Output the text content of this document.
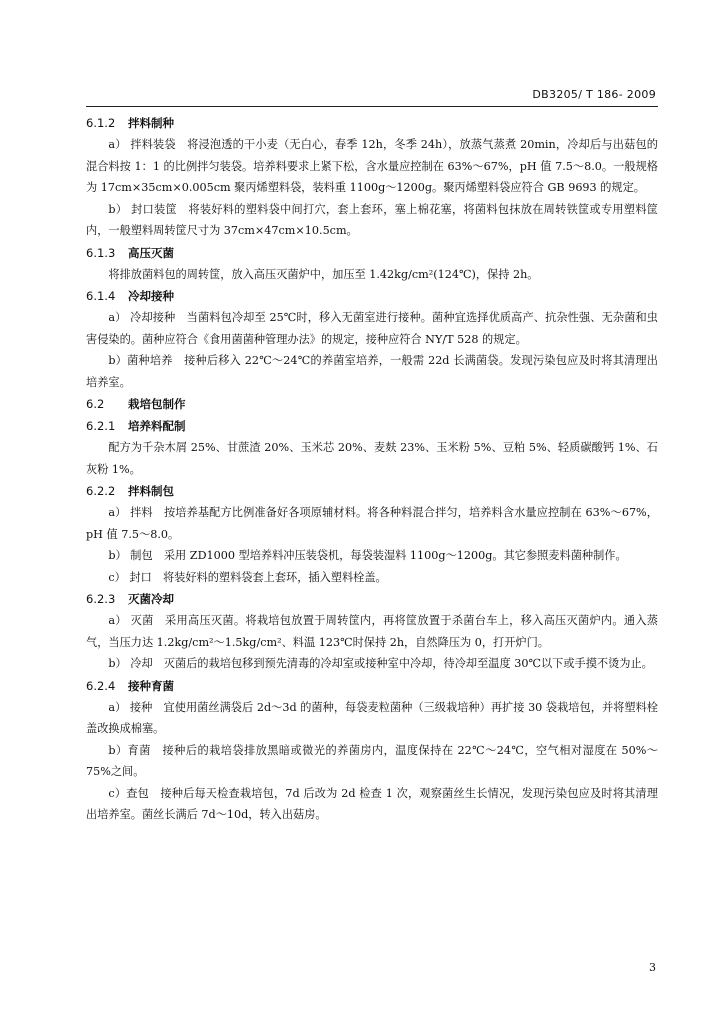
DB3205/ T 186- 2009
6.1.2 拌料制种

a） 拌料装袋　将浸泡透的干小麦（无白心，春季 12h，冬季 24h），放蒸气蒸煮 20min，冷却后与出菇包的混合料按 1：1 的比例拌匀装袋。培养料要求上紧下松，含水量应控制在 63%～67%，pH 值 7.5～8.0。一般规格为 17cm×35cm×0.005cm 聚丙烯塑料袋，装料重 1100g～1200g。聚丙烯塑料袋应符合 GB 9693 的规定。

b） 封口装筐　将装好料的塑料袋中间打穴，套上套环，塞上棉花塞，将菌料包抹放在周转铁筐或专用塑料筐内，一般塑料周转筐尺寸为 37cm×47cm×10.5cm。

6.1.3 高压灭菌

将排放菌料包的周转筐，放入高压灭菌炉中，加压至 1.42kg/cm²(124℃)，保持 2h。

6.1.4 冷却接种

a） 冷却接种　当菌料包冷却至 25℃时，移入无菌室进行接种。菌种宜选择优质高产、抗杂性强、无杂菌和虫害侵染的。菌种应符合《食用菌菌种管理办法》的规定，接种应符合 NY/T 528 的规定。

b）菌种培养　接种后移入 22℃～24℃的养菌室培养，一般需 22d 长满菌袋。发现污染包应及时将其清理出培养室。

6.2 栽培包制作
6.2.1 培养料配制

配方为千杂木屑 25%、甘蔗渣 20%、玉米芯 20%、麦麸 23%、玉米粉 5%、豆粕 5%、轻质碳酸钙 1%、石灰粉 1%。

6.2.2 拌料制包

a） 拌料　按培养基配方比例准备好各项原辅材料。将各种料混合拌匀，培养料含水量应控制在 63%～67%，pH 值 7.5～8.0。

b） 制包　采用 ZD1000 型培养料冲压装袋机，每袋装湿料 1100g～1200g。其它参照麦料菌种制作。

c） 封口　将装好料的塑料袋套上套环，插入塑料栓盖。

6.2.3 灭菌冷却

a） 灭菌　采用高压灭菌。将栽培包放置于周转筐内，再将筐放置于杀菌台车上，移入高压灭菌炉内。通入蒸气，当压力达 1.2kg/cm²～1.5kg/cm²、料温 123℃时保持 2h，自然降压为 0，打开炉门。

b） 冷却　灭菌后的栽培包移到预先清毒的冷却室或接种室中冷却，待冷却至温度 30℃以下或手摸不烫为止。

6.2.4 接种育菌

a） 接种　宜使用菌丝满袋后 2d～3d 的菌种，每袋麦粒菌种（三级栽培种）再扩接 30 袋栽培包，并将塑料栓盖改换成棉塞。

b）育菌　接种后的栽培袋排放黑暗或微光的养菌房内，温度保持在 22℃～24℃，空气相对湿度在 50%～75%之间。

c）查包　接种后每天检查栽培包，7d 后改为 2d 检查 1 次，观察菌丝生长情况，发现污染包应及时将其清理出培养室。菌丝长满后 7d～10d，转入出菇房。

3
